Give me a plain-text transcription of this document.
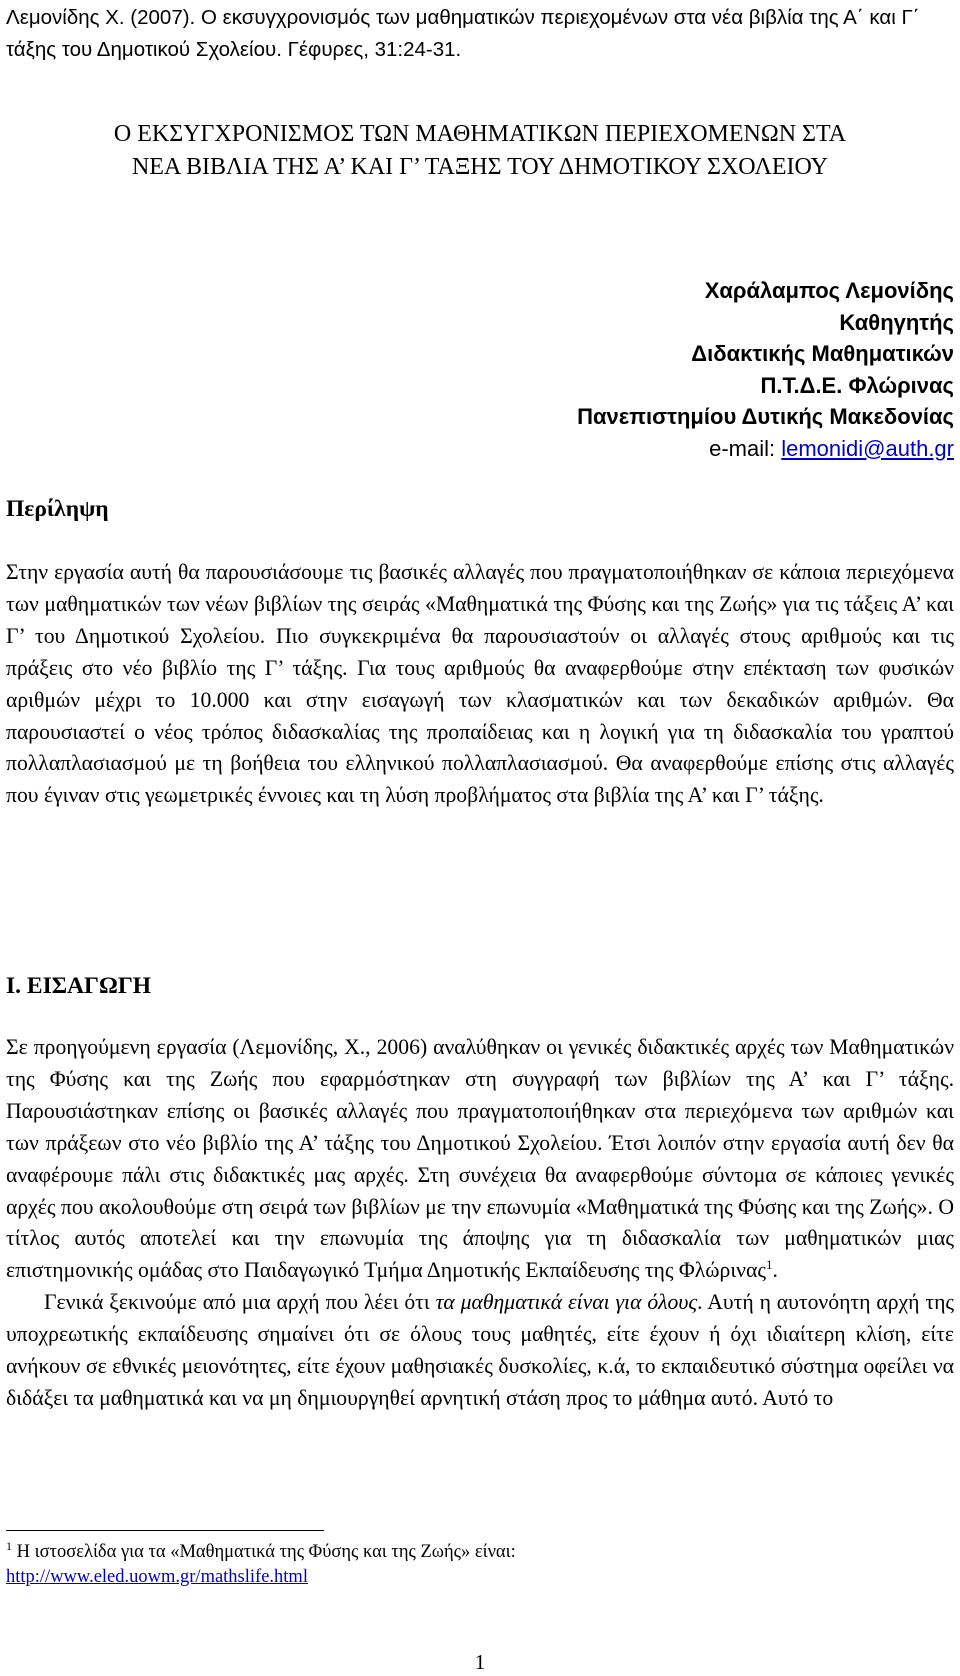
Λεμονίδης Χ. (2007). Ο εκσυγχρονισμός των μαθηματικών περιεχομένων στα νέα βιβλία της Α΄ και Γ΄ τάξης του Δημοτικού Σχολείου. Γέφυρες, 31:24-31.
Ο ΕΚΣΥΓΧΡΟΝΙΣΜΟΣ ΤΩΝ ΜΑΘΗΜΑΤΙΚΩΝ ΠΕΡΙΕΧΟΜΕΝΩΝ ΣΤΑ
ΝΕΑ ΒΙΒΛΙΑ ΤΗΣ Α’ ΚΑΙ Γ’ ΤΑΞΗΣ ΤΟΥ ΔΗΜΟΤΙΚΟΥ ΣΧΟΛΕΙΟΥ
Χαράλαμπος Λεμονίδης
Καθηγητής
Διδακτικής Μαθηματικών
Π.Τ.Δ.Ε. Φλώρινας
Πανεπιστημίου Δυτικής Μακεδονίας
e-mail: lemonidi@auth.gr
Περίληψη

Στην εργασία αυτή θα παρουσιάσουμε τις βασικές αλλαγές που πραγματοποιήθηκαν σε κάποια περιεχόμενα των μαθηματικών των νέων βιβλίων της σειράς «Μαθηματικά της Φύσης και της Ζωής» για τις τάξεις Α’ και Γ’ του Δημοτικού Σχολείου. Πιο συγκεκριμένα θα παρουσιαστούν οι αλλαγές στους αριθμούς και τις πράξεις στο νέο βιβλίο της Γ’ τάξης. Για τους αριθμούς θα αναφερθούμε στην επέκταση των φυσικών αριθμών μέχρι το 10.000 και στην εισαγωγή των κλασματικών και των δεκαδικών αριθμών. Θα παρουσιαστεί ο νέος τρόπος διδασκαλίας της προπαίδειας και η λογική για τη διδασκαλία του γραπτού πολλαπλασιασμού με τη βοήθεια του ελληνικού πολλαπλασιασμού. Θα αναφερθούμε επίσης στις αλλαγές που έγιναν στις γεωμετρικές έννοιες και τη λύση προβλήματος στα βιβλία της Α’ και Γ’ τάξης.

Ι. ΕΙΣΑΓΩΓΗ

Σε προηγούμενη εργασία (Λεμονίδης, Χ., 2006) αναλύθηκαν οι γενικές διδακτικές αρχές των Μαθηματικών της Φύσης και της Ζωής που εφαρμόστηκαν στη συγγραφή των βιβλίων της Α’ και Γ’ τάξης. Παρουσιάστηκαν επίσης οι βασικές αλλαγές που πραγματοποιήθηκαν στα περιεχόμενα των αριθμών και των πράξεων στο νέο βιβλίο της Α’ τάξης του Δημοτικού Σχολείου. Έτσι λοιπόν στην εργασία αυτή δεν θα αναφέρουμε πάλι στις διδακτικές μας αρχές. Στη συνέχεια θα αναφερθούμε σύντομα σε κάποιες γενικές αρχές που ακολουθούμε στη σειρά των βιβλίων με την επωνυμία «Μαθηματικά της Φύσης και της Ζωής». Ο τίτλος αυτός αποτελεί και την επωνυμία της άποψης για τη διδασκαλία των μαθηματικών μιας επιστημονικής ομάδας στο Παιδαγωγικό Τμήμα Δημοτικής Εκπαίδευσης της Φλώρινας$^1$.

Γενικά ξεκινούμε από μια αρχή που λέει ότι τα μαθηματικά είναι για όλους. Αυτή η αυτονόητη αρχή της υποχρεωτικής εκπαίδευσης σημαίνει ότι σε όλους τους μαθητές, είτε έχουν ή όχι ιδιαίτερη κλίση, είτε ανήκουν σε εθνικές μειονότητες, είτε έχουν μαθησιακές δυσκολίες, κ.ά, το εκπαιδευτικό σύστημα οφείλει να διδάξει τα μαθηματικά και να μη δημιουργηθεί αρνητική στάση προς το μάθημα αυτό. Αυτό το

$^1$ Η ιστοσελίδα για τα «Μαθηματικά της Φύσης και της Ζωής» είναι:
http://www.eled.uowm.gr/mathslife.html
1
